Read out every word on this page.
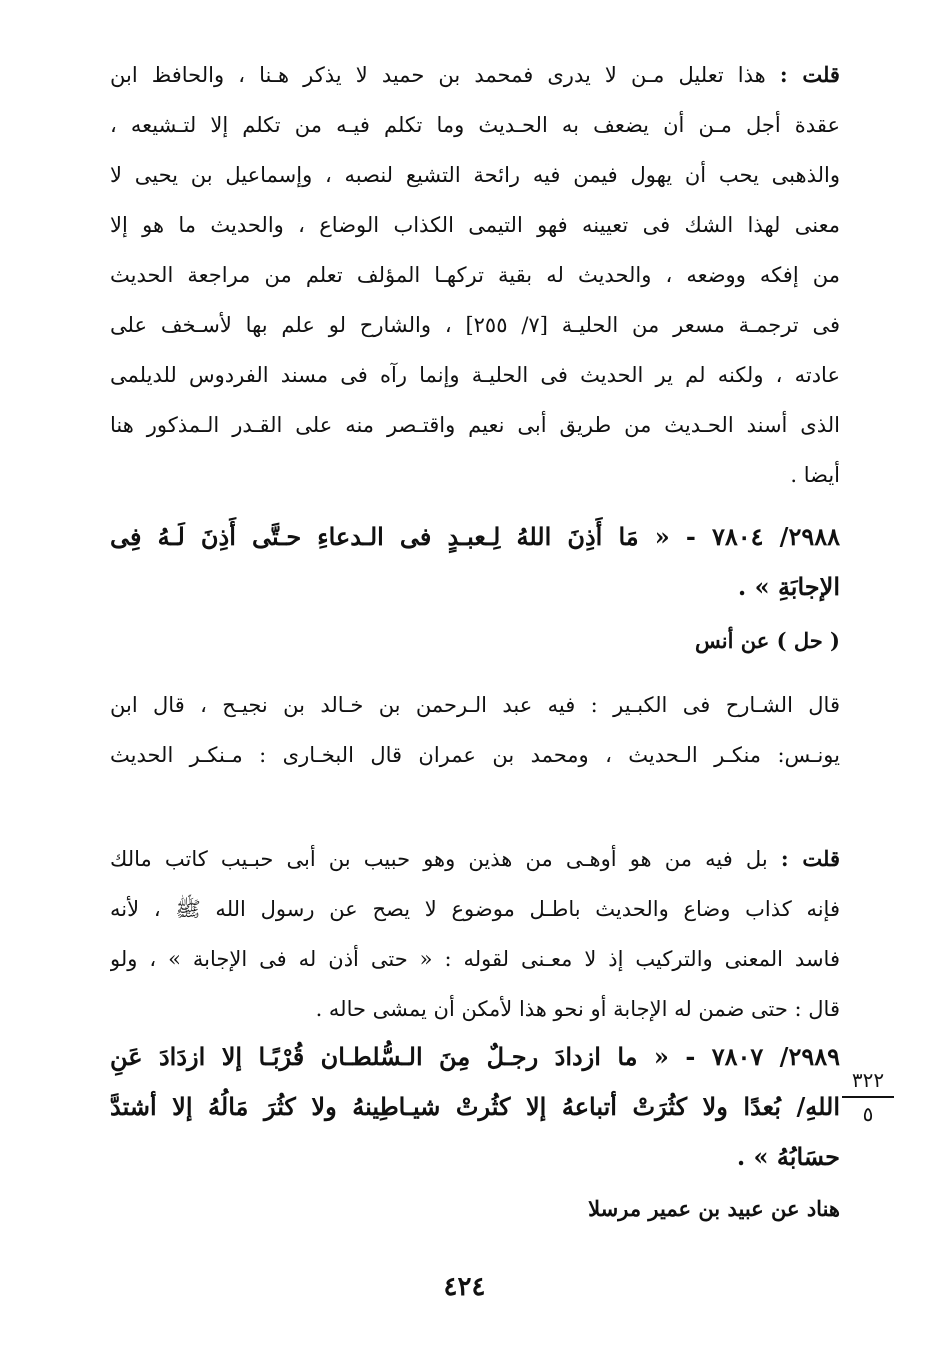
قلت : هذا تعليل مـن لا يدرى فمحمد بن حميد لا يذكر هـنا ، والحافظ ابن
عقدة أجل مـن أن يضعف به الحـديث وما تكلم فيـه من تكلم إلا لتـشيعه ،
والذهبى يحب أن يهول فيمن فيه رائحة التشيع لنصبه ، وإسماعيل بن يحيى لا
معنى لهذا الشك فى تعيينه فهو التيمى الكذاب الوضاع ، والحديث ما هو إلا
من إفكه ووضعه ، والحديث له بقية تركهـا المؤلف تعلم من مراجعة الحديث
فى ترجمـة مسعر من الحليـة [٧/ ٢٥٥] ، والشارح لو علم بها لأسـخف على
عادته ، ولكنه لم ير الحديث فى الحليـة وإنما رآه فى مسند الفردوس للديلمى
الذى أسند الحـديث من طريق أبى نعيم واقتـصر منه على القـدر الـمذكور هنا
أيضا .
٢٩٨٨/ ٧٨٠٤ - « مَا أَذِنَ اللهُ لِـعبـدٍ فى الـدعاءِ حـتَّى أَذِنَ لَـهُ فِى
الإجابَةِ » .
( حل ) عن أنس
قال الشـارح فى الكبـير : فيه عبد الـرحمن بن خـالد بن نجيـح ، قال ابن
يونـس: منكـر الـحديث ، ومحمد بن عمران قال البخـارى : مـنكـر الحديث
قلت : بل فيه من هو أوهـى من هذين وهو حبيب بن أبى حبـيب كاتب مالك
فإنه كذاب وضاع والحديث باطـل موضوع لا يصح عن رسول الله ﷺ ، لأنه
فاسد المعنى والتركيب إذ لا معـنى لقوله : « حتى أذن له فى الإجابة » ، ولو
قال : حتى ضمن له الإجابة أو نحو هذا لأمكن أن يمشى حاله .
٢٩٨٩/ ٧٨٠٧ - « ما ازدادَ رجـلٌ مِنَ الـسُّلطـان قُرْبًـا إلا ازدَادَ عَنِ
اللهِ/ بُعدًا ولا كثُرَتْ أتباعهُ إلا كثُرتْ شيـاطِينهُ ولا كثُرَ مَالُهُ إلا أشتدَّ
حسَابُهُ » .
هناد عن عبيد بن عمير مرسلا
٣٢٢
٥
٤٢٤
